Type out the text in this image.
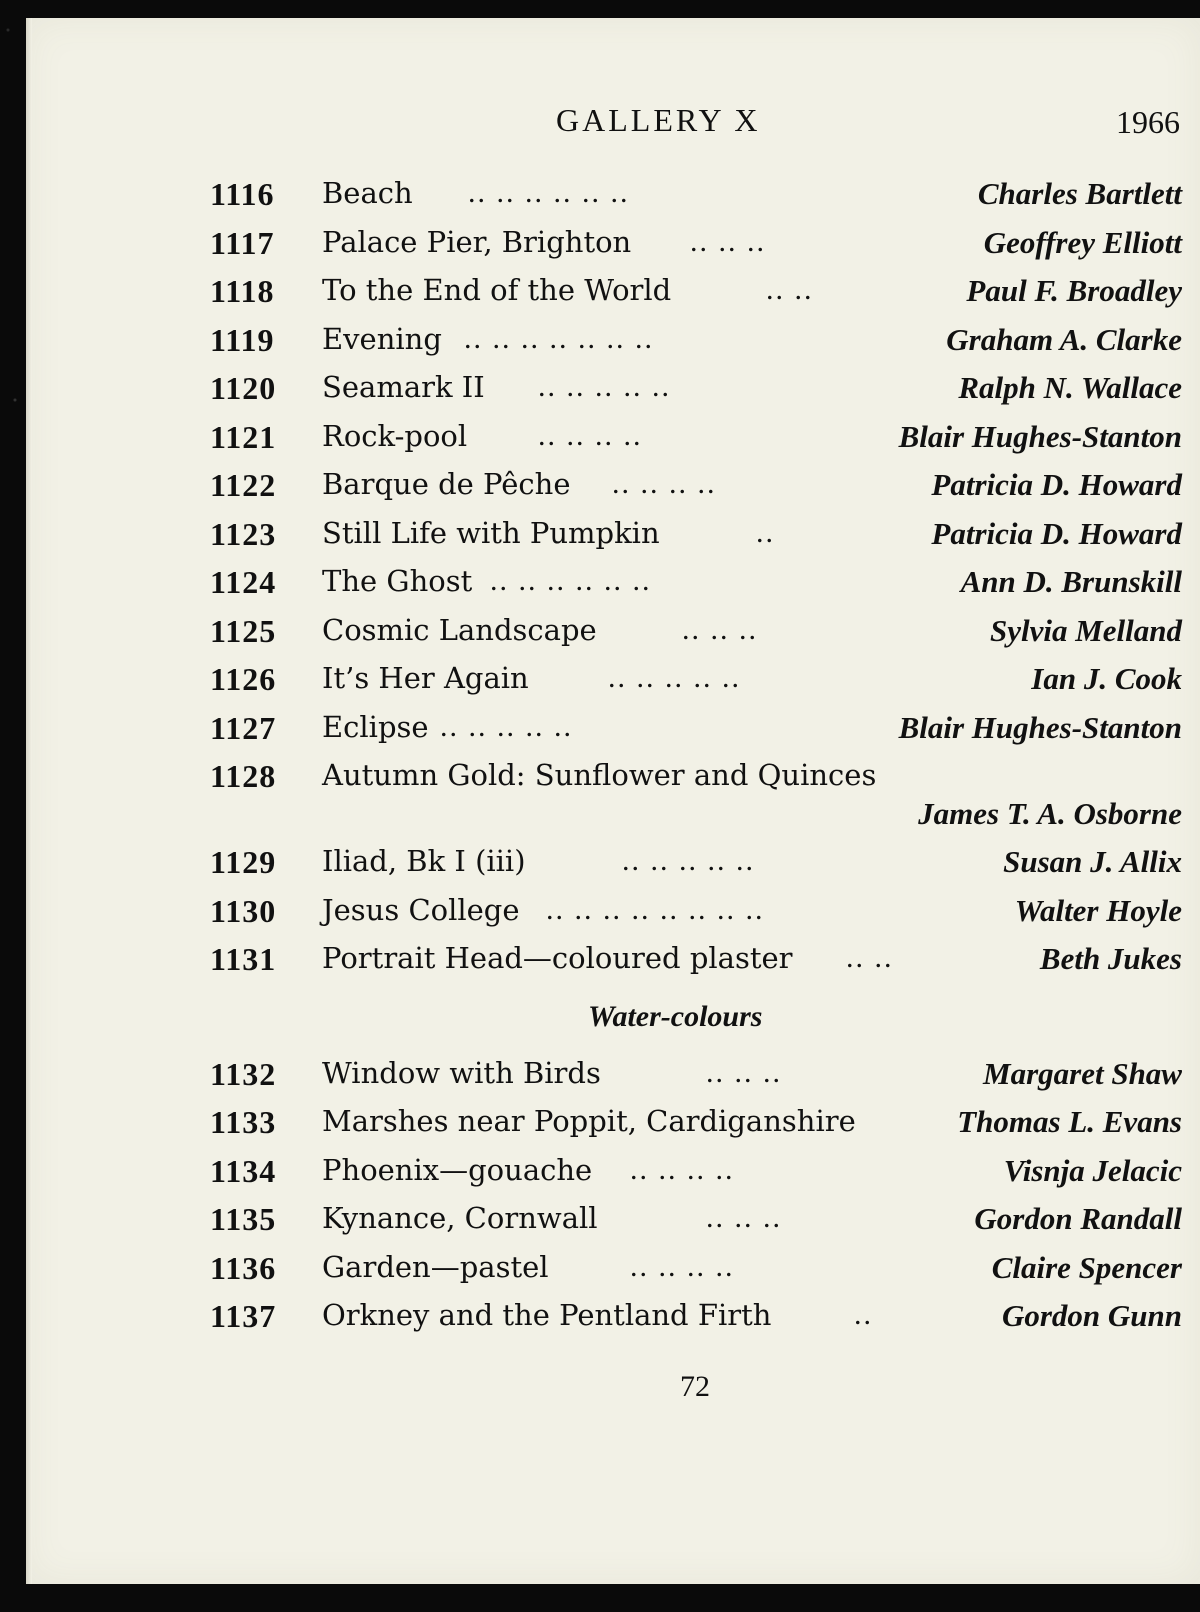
GALLERY X	1966
1116 Beach .. .. .. .. .. ..	Charles Bartlett
1117 Palace Pier, Brighton .. .. ..	Geoffrey Elliott
1118 To the End of the World	.. ..	Paul F. Broadley
1119 Evening .. .. .. .. .. .. ..	Graham A. Clarke
1120 Seamark II .. .. .. .. ..	Ralph N. Wallace
1121 Rock-pool .. .. .. ..	Blair Hughes-Stanton
1122 Barque de Pêche .. .. .. ..	Patricia D. Howard
1123 Still Life with Pumpkin	..	Patricia D. Howard
1124 The Ghost .. .. .. .. .. ..	Ann D. Brunskill
1125 Cosmic Landscape	.. .. ..	Sylvia Melland
1126 It’s Her Again	.. .. .. .. ..	Ian J. Cook
1127 Eclipse .. .. .. .. ..	Blair Hughes-Stanton
1128 Autumn Gold: Sunflower and Quinces
James T. A. Osborne
1129 Iliad, Bk I (iii)	.. .. .. .. ..	Susan J. Allix
1130 Jesus College .. .. .. .. .. .. .. ..	Walter Hoyle
1131 Portrait Head—coloured plaster .. ..	Beth Jukes
Water-colours
1132 Window with Birds	.. .. ..	Margaret Shaw
1133 Marshes near Poppit, Cardiganshire	Thomas L. Evans
1134 Phoenix—gouache .. .. .. ..	Visnja Jelacic
1135 Kynance, Cornwall	.. .. ..	Gordon Randall
1136 Garden—pastel	.. .. .. ..	Claire Spencer
1137 Orkney and the Pentland Firth	..	Gordon Gunn
72
